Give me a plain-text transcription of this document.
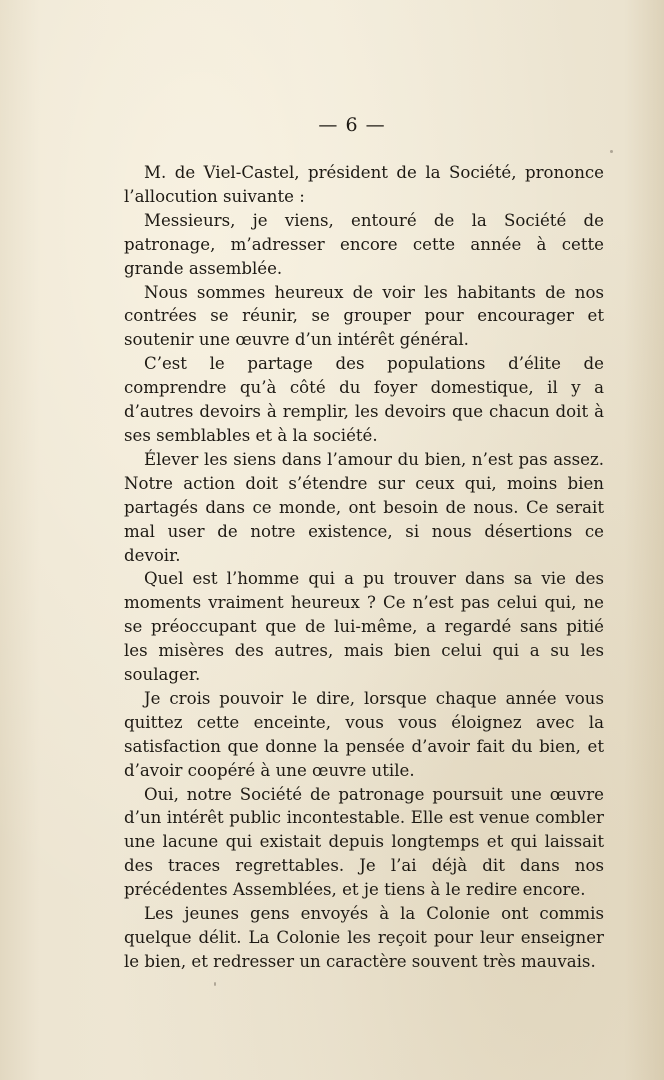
— 6 —

M. de Viel-Castel, président de la Société, prononce l’allocution suivante :

Messieurs, je viens, entouré de la Société de patronage, m’adresser encore cette année à cette grande assemblée.

Nous sommes heureux de voir les habitants de nos contrées se réunir, se grouper pour encourager et soutenir une œuvre d’un intérêt général.

C’est le partage des populations d’élite de comprendre qu’à côté du foyer domestique, il y a d’autres devoirs à remplir, les devoirs que chacun doit à ses semblables et à la société.

Élever les siens dans l’amour du bien, n’est pas assez. Notre action doit s’étendre sur ceux qui, moins bien partagés dans ce monde, ont besoin de nous. Ce serait mal user de notre existence, si nous désertions ce devoir.

Quel est l’homme qui a pu trouver dans sa vie des moments vraiment heureux ? Ce n’est pas celui qui, ne se préoccupant que de lui-même, a regardé sans pitié les misères des autres, mais bien celui qui a su les soulager.

Je crois pouvoir le dire, lorsque chaque année vous quittez cette enceinte, vous vous éloignez avec la satisfaction que donne la pensée d’avoir fait du bien, et d’avoir coopéré à une œuvre utile.

Oui, notre Société de patronage poursuit une œuvre d’un intérêt public incontestable. Elle est venue combler une lacune qui existait depuis longtemps et qui laissait des traces regrettables. Je l’ai déjà dit dans nos précédentes Assemblées, et je tiens à le redire encore.

Les jeunes gens envoyés à la Colonie ont commis quelque délit. La Colonie les reçoit pour leur enseigner le bien, et redresser un caractère souvent très mauvais.
